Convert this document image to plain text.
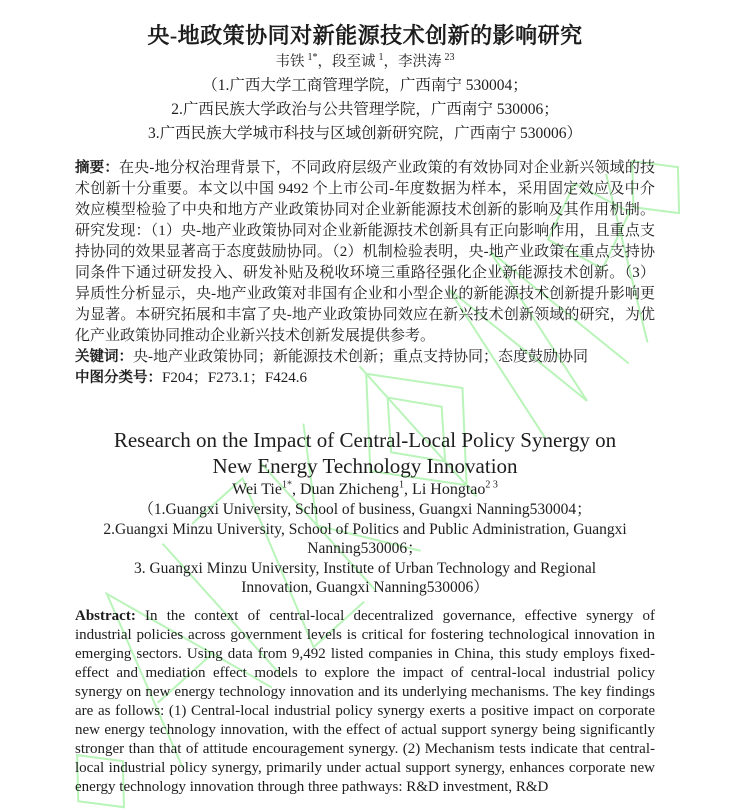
央-地政策协同对新能源技术创新的影响研究
韦铁 $^{1*}$，段至诚 $^1$，李洪涛 $^{23}$
（1.广西大学工商管理学院，广西南宁 530004；
2.广西民族大学政治与公共管理学院，广西南宁 530006；
3.广西民族大学城市科技与区域创新研究院，广西南宁 530006）
摘要：在央-地分权治理背景下，不同政府层级产业政策的有效协同对企业新兴领域的技术创新十分重要。本文以中国 9492 个上市公司-年度数据为样本，采用固定效应及中介效应模型检验了中央和地方产业政策协同对企业新能源技术创新的影响及其作用机制。研究发现：（1）央-地产业政策协同对企业新能源技术创新具有正向影响作用，且重点支持协同的效果显著高于态度鼓励协同。（2）机制检验表明，央-地产业政策在重点支持协同条件下通过研发投入、研发补贴及税收环境三重路径强化企业新能源技术创新。（3）异质性分析显示，央-地产业政策对非国有企业和小型企业的新能源技术创新提升影响更为显著。本研究拓展和丰富了央-地产业政策协同效应在新兴技术创新领域的研究，为优化产业政策协同推动企业新兴技术创新发展提供参考。
关键词：央-地产业政策协同；新能源技术创新；重点支持协同；态度鼓励协同
中图分类号：F204；F273.1；F424.6
Research on the Impact of Central-Local Policy Synergy on
New Energy Technology Innovation
Wei Tie$^{1*}$, Duan Zhicheng$^1$, Li Hongtao$^{2 3}$
（1.Guangxi University, School of business, Guangxi Nanning530004；
2.Guangxi Minzu University, School of Politics and Public Administration, Guangxi
Nanning530006；
3. Guangxi Minzu University, Institute of Urban Technology and Regional
Innovation, Guangxi Nanning530006）
Abstract: In the context of central-local decentralized governance, effective synergy of industrial policies across government levels is critical for fostering technological innovation in emerging sectors. Using data from 9,492 listed companies in China, this study employs fixed-effect and mediation effect models to explore the impact of central-local industrial policy synergy on new energy technology innovation and its underlying mechanisms. The key findings are as follows: (1) Central-local industrial policy synergy exerts a positive impact on corporate new energy technology innovation, with the effect of actual support synergy being significantly stronger than that of attitude encouragement synergy. (2) Mechanism tests indicate that central-local industrial policy synergy, primarily under actual support synergy, enhances corporate new energy technology innovation through three pathways: R&D investment, R&D
